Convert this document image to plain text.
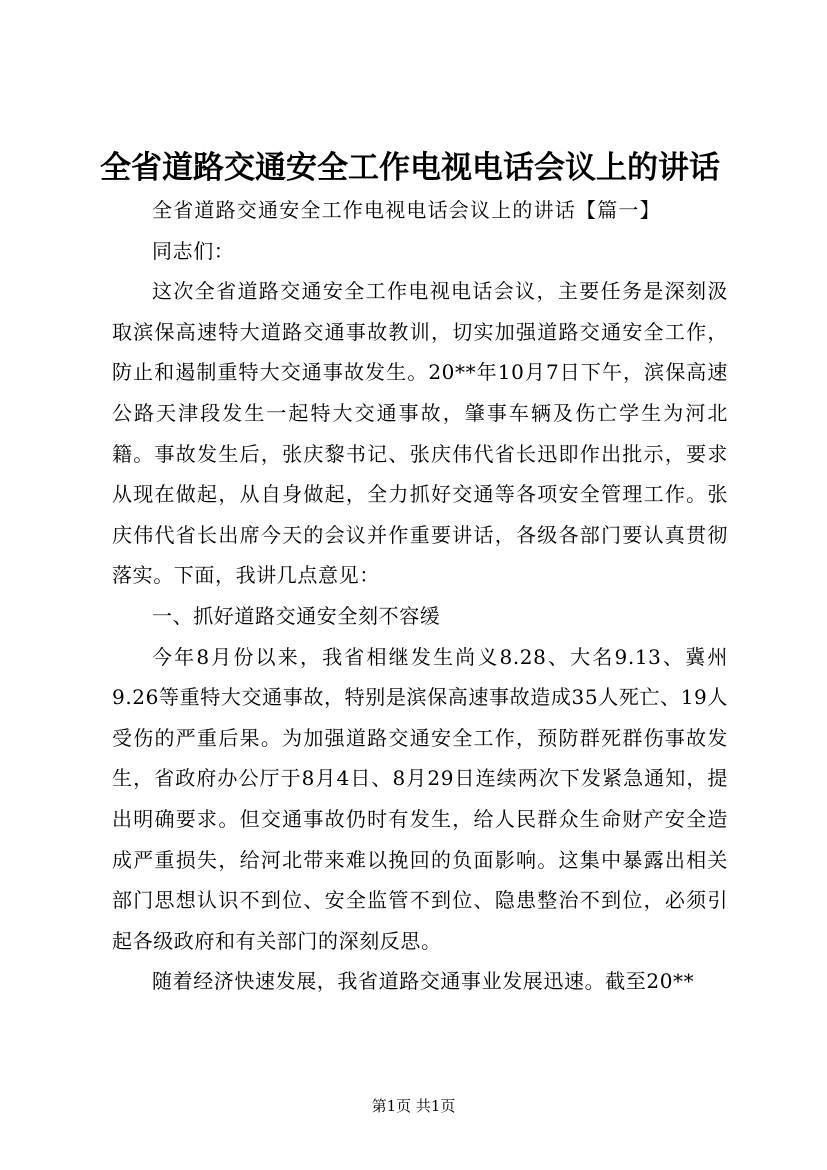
全省道路交通安全工作电视电话会议上的讲话

全省道路交通安全工作电视电话会议上的讲话【篇一】

同志们：

这次全省道路交通安全工作电视电话会议，主要任务是深刻汲取滨保高速特大道路交通事故教训，切实加强道路交通安全工作，防止和遏制重特大交通事故发生。20**年10月7日下午，滨保高速公路天津段发生一起特大交通事故，肇事车辆及伤亡学生为河北籍。事故发生后，张庆黎书记、张庆伟代省长迅即作出批示，要求从现在做起，从自身做起，全力抓好交通等各项安全管理工作。张庆伟代省长出席今天的会议并作重要讲话，各级各部门要认真贯彻落实。下面，我讲几点意见：

一、抓好道路交通安全刻不容缓

今年8月份以来，我省相继发生尚义8.28、大名9.13、冀州9.26等重特大交通事故，特别是滨保高速事故造成35人死亡、19人受伤的严重后果。为加强道路交通安全工作，预防群死群伤事故发生，省政府办公厅于8月4日、8月29日连续两次下发紧急通知，提出明确要求。但交通事故仍时有发生，给人民群众生命财产安全造成严重损失，给河北带来难以挽回的负面影响。这集中暴露出相关部门思想认识不到位、安全监管不到位、隐患整治不到位，必须引起各级政府和有关部门的深刻反思。

随着经济快速发展，我省道路交通事业发展迅速。截至20**

第1页 共1页
